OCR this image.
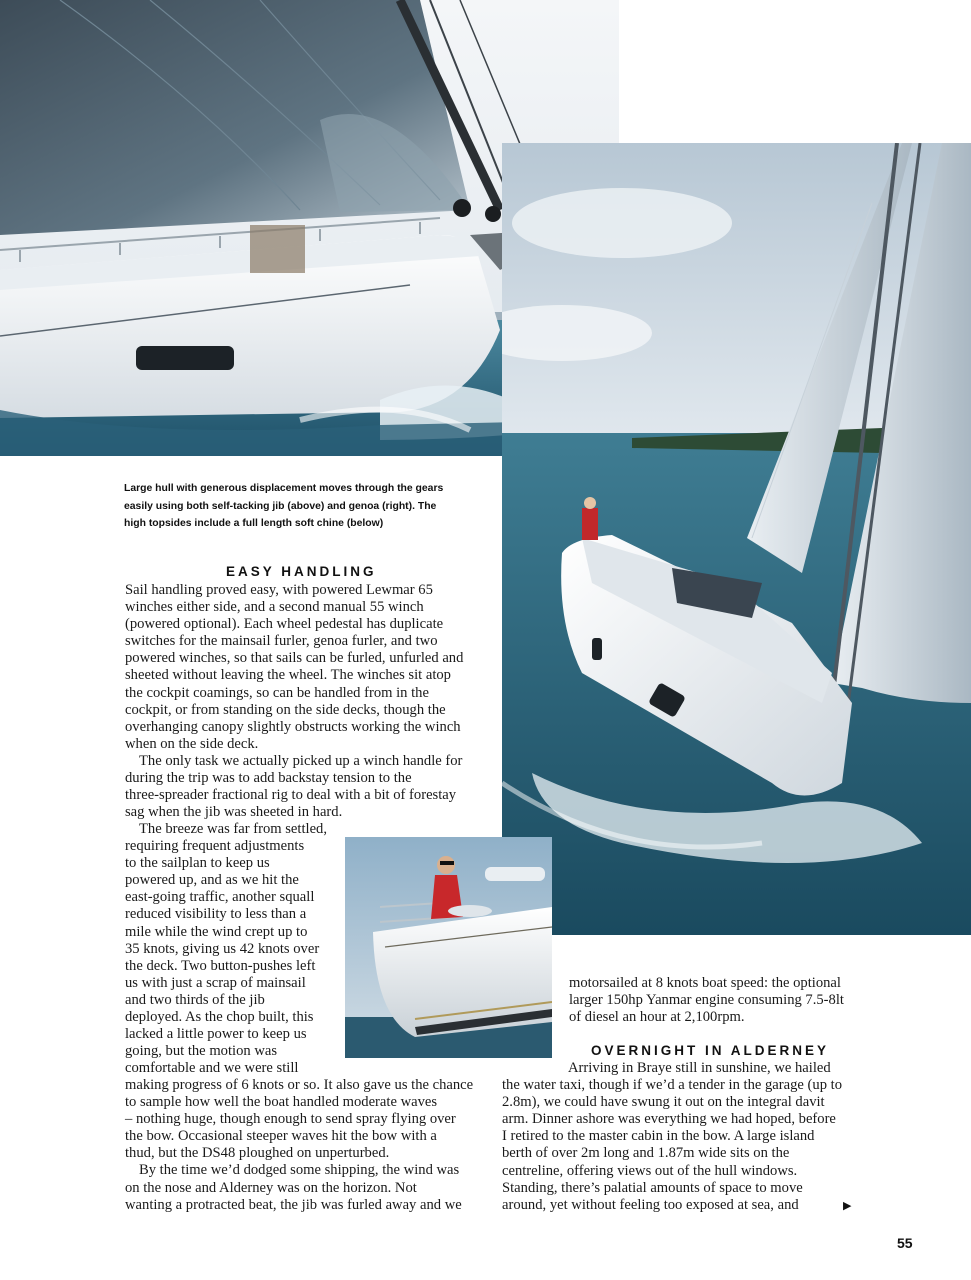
Large hull with generous displacement moves through the gears
easily using both self-tacking jib (above) and genoa (right). The
high topsides include a full length soft chine (below)
EASY HANDLING

Sail handling proved easy, with powered Lewmar 65
winches either side, and a second manual 55 winch
(powered optional). Each wheel pedestal has duplicate
switches for the mainsail furler, genoa furler, and two
powered winches, so that sails can be furled, unfurled and
sheeted without leaving the wheel. The winches sit atop
the cockpit coamings, so can be handled from in the
cockpit, or from standing on the side decks, though the
overhanging canopy slightly obstructs working the winch
when on the side deck.

The only task we actually picked up a winch handle for
during the trip was to add backstay tension to the
three-spreader fractional rig to deal with a bit of forestay
sag when the jib was sheeted in hard.

The breeze was far from settled,
requiring frequent adjustments
to the sailplan to keep us
powered up, and as we hit the
east-going traffic, another squall
reduced visibility to less than a
mile while the wind crept up to
35 knots, giving us 42 knots over
the deck. Two button-pushes left
us with just a scrap of mainsail
and two thirds of the jib
deployed. As the chop built, this
lacked a little power to keep us
going, but the motion was
comfortable and we were still

making progress of 6 knots or so. It also gave us the chance
to sample how well the boat handled moderate waves
– nothing huge, though enough to send spray flying over
the bow. Occasional steeper waves hit the bow with a
thud, but the DS48 ploughed on unperturbed.

By the time we’d dodged some shipping, the wind was
on the nose and Alderney was on the horizon. Not
wanting a protracted beat, the jib was furled away and we

motorsailed at 8 knots boat speed: the optional
larger 150hp Yanmar engine consuming 7.5-8lt
of diesel an hour at 2,100rpm.

OVERNIGHT IN ALDERNEY

Arriving in Braye still in sunshine, we hailed
the water taxi, though if we’d a tender in the garage (up to
2.8m), we could have swung it out on the integral davit
arm. Dinner ashore was everything we had hoped, before
I retired to the master cabin in the bow. A large island
berth of over 2m long and 1.87m wide sits on the
centreline, offering views out of the hull windows.
Standing, there’s palatial amounts of space to move
around, yet without feeling too exposed at sea, and	▶
55
